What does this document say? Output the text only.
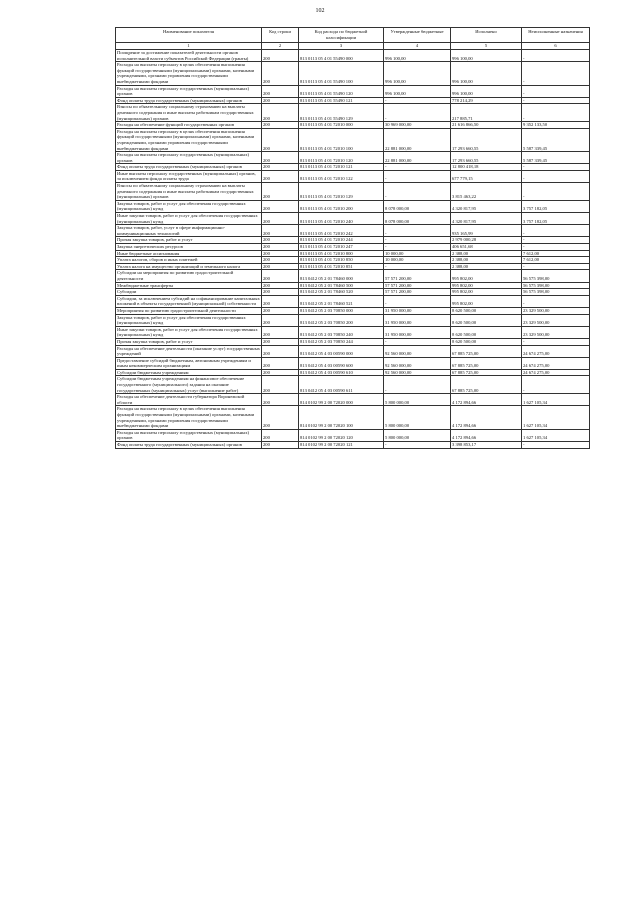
102
Наименование показателя	Код строки	Код расхода по бюджетной классификации	Утвержденные бюджетные	Исполнено	Неисполненные назначения
1	2	3	4	5	6
Поощрение за достижение показателей деятельности органов исполнительной власти субъектов Российской Федерации (гранты)	200	813 0113 05 4 01 55490 000	996 100,00	996 100,00	-
Расходы на выплаты персоналу в целях обеспечения выполнения функций государственными (муниципальными) органами, казенными учреждениями, органами управления государственными внебюджетными фондами	200	813 0113 05 4 01 55490 100	996 100,00	996 100,00	-
Расходы на выплаты персоналу государственных (муниципальных) органов	200	813 0113 05 4 01 55490 120	996 100,00	996 100,00	-
Фонд оплаты труда государственных (муниципальных) органов	200	813 0113 05 4 01 55490 121	-	778 214,29	-
Взносы по обязательному социальному страхованию на выплаты денежного содержания и иные выплаты работникам государственных (муниципальных) органов	200	813 0113 05 4 01 55490 129	-	217 885,71	-
Расходы на обеспечение функций государственных органов	200	813 0113 05 4 01 72010 000	30 969 000,00	21 616 866,50	9 352 133,50
Расходы на выплаты персоналу в целях обеспечения выполнения функций государственными (муниципальными) органами, казенными учреждениями, органами управления государственными внебюджетными фондами	200	813 0113 05 4 01 72010 100	22 881 000,00	17 293 660,55	5 587 339,45
Расходы на выплаты персоналу государственных (муниципальных) органов	200	813 0113 05 4 01 72010 120	22 881 000,00	17 293 660,55	5 587 339,45
Фонд оплаты труда государственных (муниципальных) органов	200	813 0113 05 4 01 72010 121	-	12 800 418,18	-
Иные выплаты персоналу государственных (муниципальных) органов, за исключением фонда оплаты труда	200	813 0113 05 4 01 72010 122	-	677 779,15	-
Взносы по обязательному социальному страхованию на выплаты денежного содержания и иные выплаты работникам государственных (муниципальных) органов	200	813 0113 05 4 01 72010 129	-	3 815 463,22	-
Закупка товаров, работ и услуг для обеспечения государственных (муниципальных) нужд	200	813 0113 05 4 01 72010 200	8 078 000,00	4 320 817,95	3 757 182,05
Иные закупки товаров, работ и услуг для обеспечения государственных (муниципальных) нужд	200	813 0113 05 4 01 72010 240	8 078 000,00	4 320 817,95	3 757 182,05
Закупка товаров, работ, услуг в сфере информационно-коммуникационных технологий	200	813 0113 05 4 01 72010 242	-	935 165,99	-
Прочая закупка товаров, работ и услуг	200	813 0113 05 4 01 72010 244	-	2 979 000,28	-
Закупка энергетических ресурсов	200	813 0113 05 4 01 72010 247	-	406 651,68	-
Иные бюджетные ассигнования	200	813 0113 05 4 01 72010 800	10 000,00	2 388,00	7 612,00
Уплата налогов, сборов и иных платежей	200	813 0113 05 4 01 72010 850	10 000,00	2 388,00	7 612,00
Уплата налога на имущество организаций и земельного налога	200	813 0113 05 4 01 72010 851	-	2 388,00	-
Субсидии на мероприятия по развитию градостроительной деятельности	200	813 0412 05 2 01 78460 000	57 571 200,00	995 802,00	56 575 398,00
Межбюджетные трансферты	200	813 0412 05 2 01 78460 500	57 571 200,00	995 802,00	56 575 398,00
Субсидии	200	813 0412 05 2 01 78460 520	57 571 200,00	995 802,00	56 575 398,00
Субсидии, за исключением субсидий на софинансирование капитальных вложений в объекты государственной (муниципальной) собственности	200	813 0412 05 2 01 78460 521	-	995 802,00	-
Мероприятия по развитию градостроительной деятельности	200	813 0412 05 2 03 70850 000	31 950 000,00	8 620 500,00	23 329 500,00
Закупка товаров, работ и услуг для обеспечения государственных (муниципальных) нужд	200	813 0412 05 2 03 70850 200	31 950 000,00	8 620 500,00	23 329 500,00
Иные закупки товаров, работ и услуг для обеспечения государственных (муниципальных) нужд	200	813 0412 05 2 03 70850 240	31 950 000,00	8 620 500,00	23 329 500,00
Прочая закупка товаров, работ и услуг	200	813 0412 05 2 03 70850 244	-	8 620 500,00	-
Расходы на обеспечение деятельности (оказание услуг) государственных учреждений	200	813 0412 05 4 03 00590 000	92 560 000,00	67 885 725,00	24 674 275,00
Предоставление субсидий бюджетным, автономным учреждениям и иным некоммерческим организациям	200	813 0412 05 4 03 00590 600	92 560 000,00	67 885 725,00	24 674 275,00
Субсидии бюджетным учреждениям	200	813 0412 05 4 03 00590 610	92 560 000,00	67 885 725,00	24 674 275,00
Субсидии бюджетным учреждениям на финансовое обеспечение государственного (муниципального) задания на оказание государственных (муниципальных) услуг (выполнение работ)	200	813 0412 05 4 03 00590 611	-	67 885 725,00	-
Расходы на обеспечение деятельности губернатора Воронежской области	200	814 0102 99 2 00 72020 000	5 800 000,00	4 172 894,66	1 627 105,34
Расходы на выплаты персоналу в целях обеспечения выполнения функций государственными (муниципальными) органами, казенными учреждениями, органами управления государственными внебюджетными фондами	200	814 0102 99 2 00 72020 100	5 800 000,00	4 172 894,66	1 627 105,34
Расходы на выплаты персоналу государственных (муниципальных) органов	200	814 0102 99 2 00 72020 120	5 800 000,00	4 172 894,66	1 627 105,34
Фонд оплаты труда государственных (муниципальных) органов	200	814 0102 99 2 00 72020 121	-	3 398 853,17	-
